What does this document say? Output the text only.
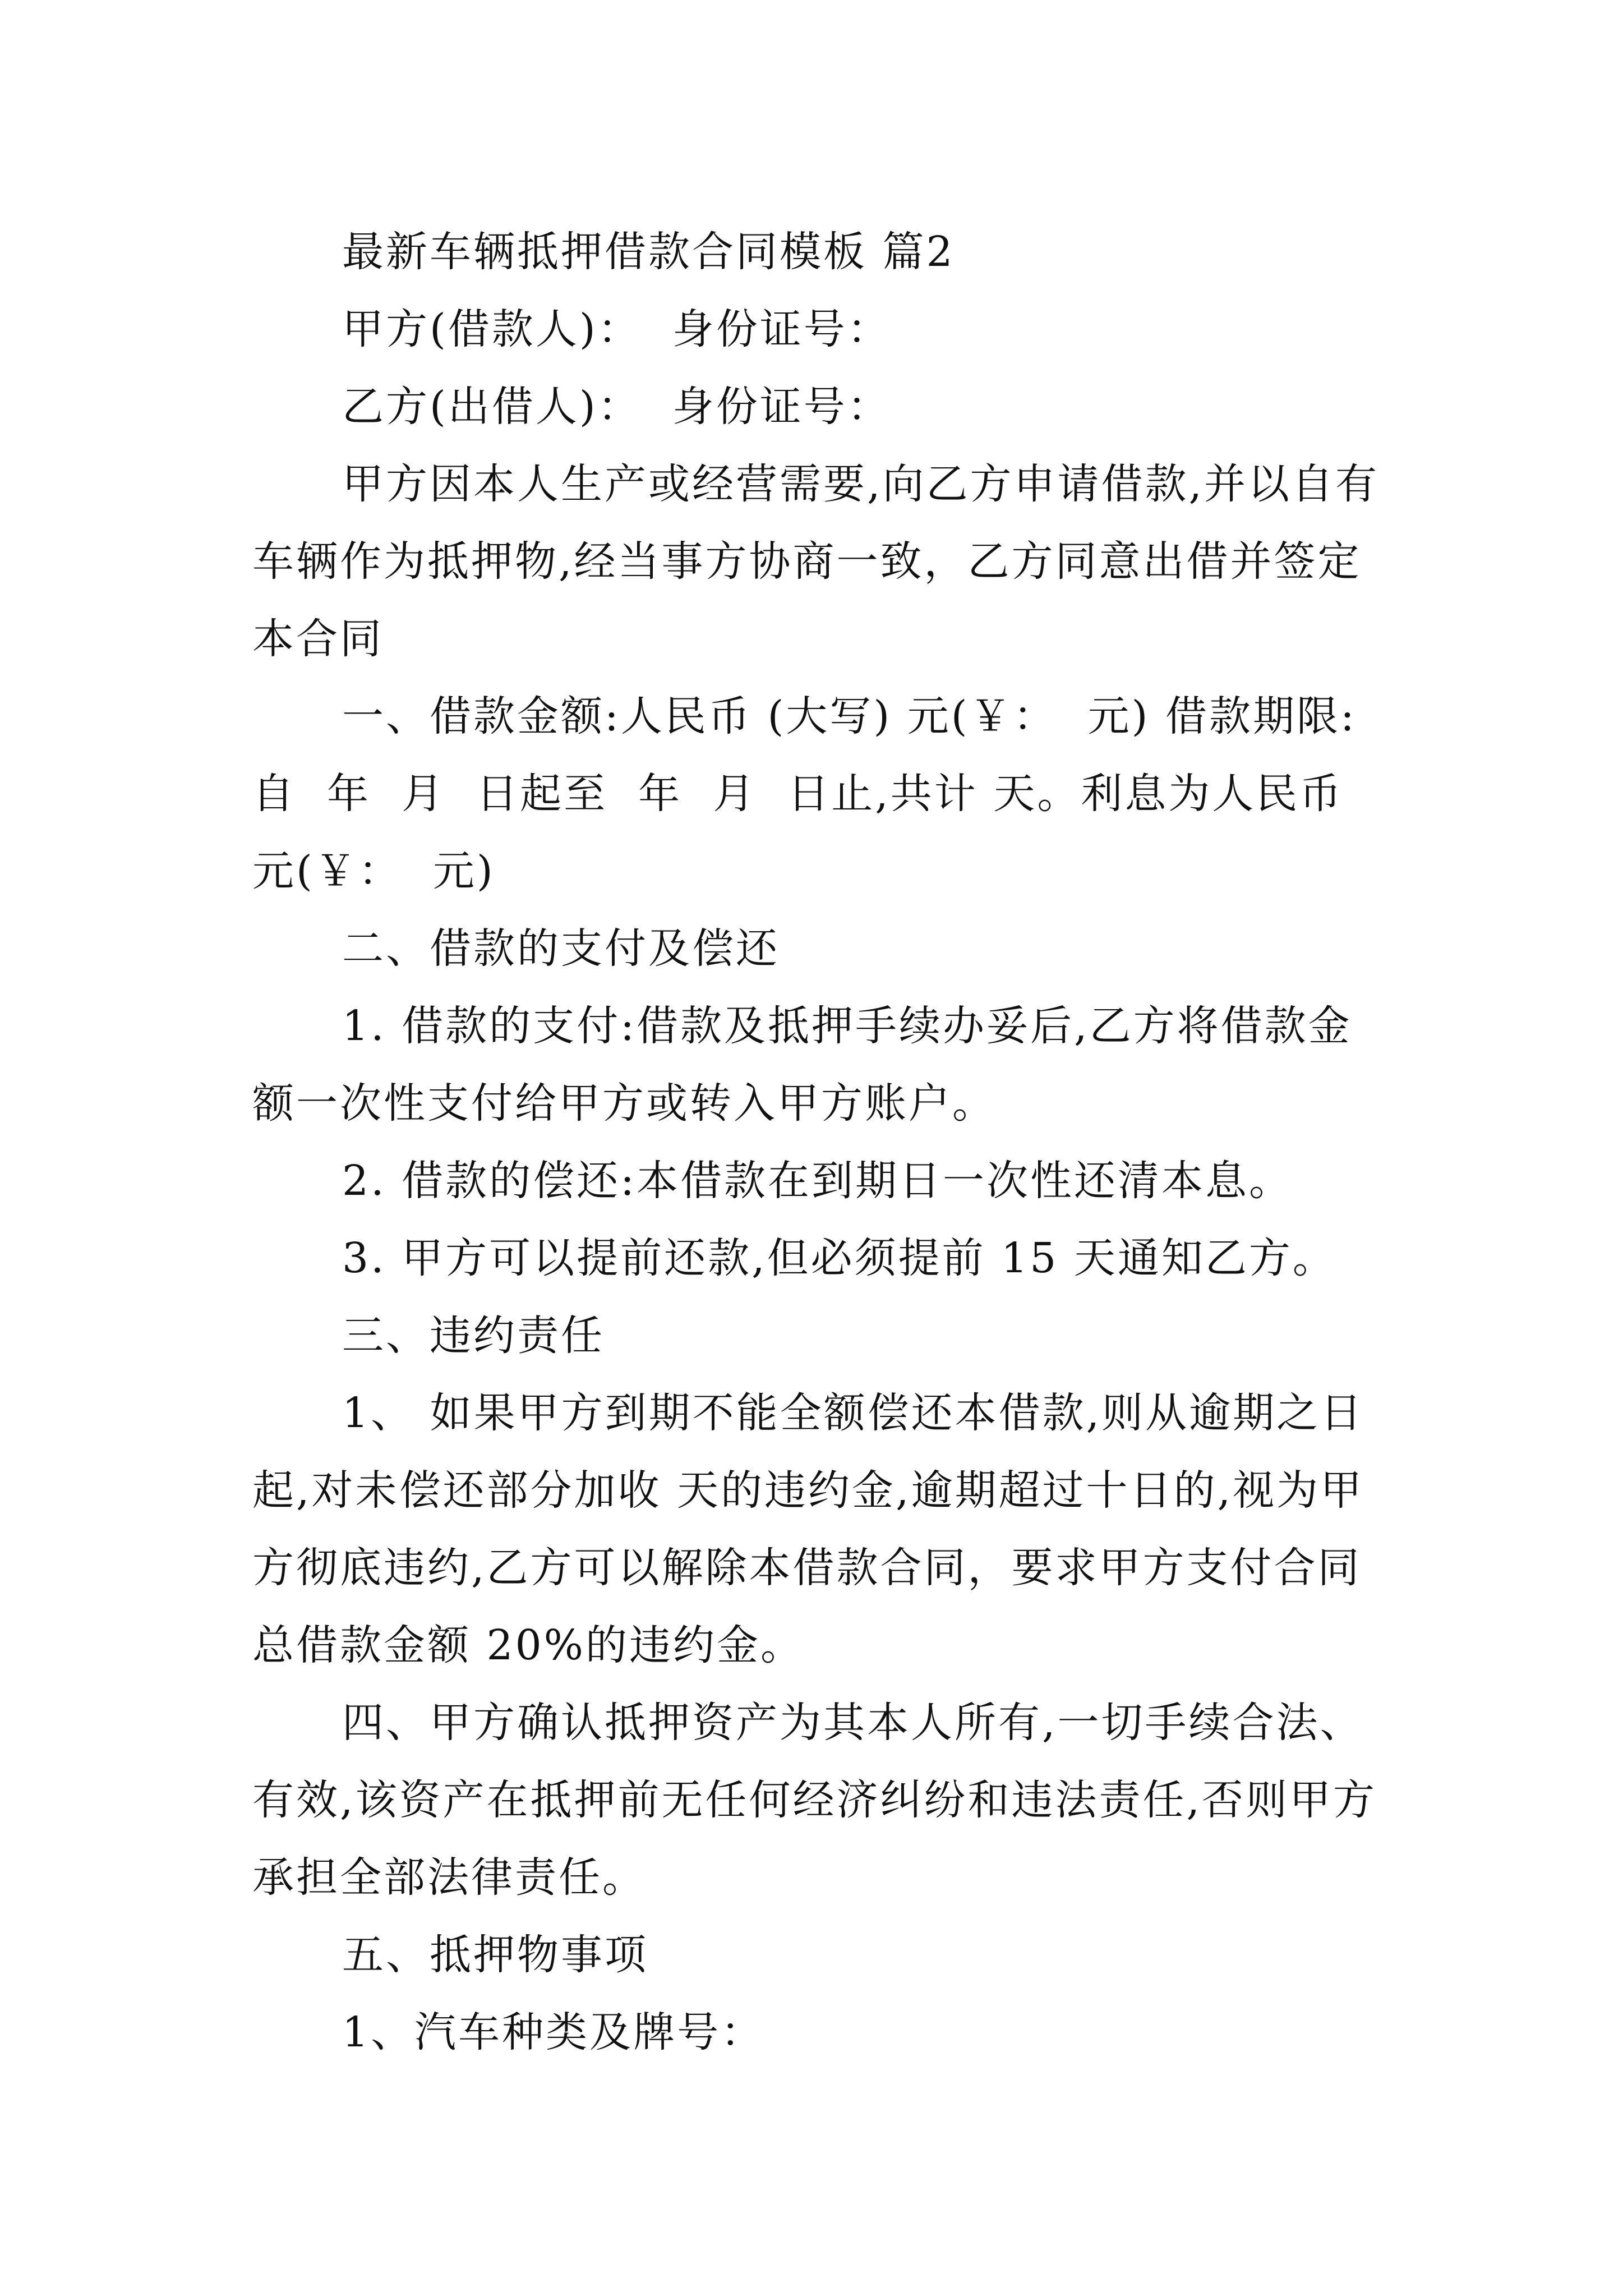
最新车辆抵押借款合同模板 篇2

甲方(借款人)：  身份证号：

乙方(出借人)：  身份证号：

甲方因本人生产或经营需要,向乙方申请借款,并以自有车辆作为抵押物,经当事方协商一致，乙方同意出借并签定本合同

一、借款金额:人民币 (大写) 元(￥：  元) 借款期限:自  年  月  日起至  年  月  日止,共计 天。利息为人民币 元(￥：  元)

二、借款的支付及偿还

1. 借款的支付:借款及抵押手续办妥后,乙方将借款金额一次性支付给甲方或转入甲方账户。

2. 借款的偿还:本借款在到期日一次性还清本息。

3. 甲方可以提前还款,但必须提前 15 天通知乙方。

三、违约责任

1、 如果甲方到期不能全额偿还本借款,则从逾期之日起,对未偿还部分加收 天的违约金,逾期超过十日的,视为甲方彻底违约,乙方可以解除本借款合同，要求甲方支付合同总借款金额 20%的违约金。

四、甲方确认抵押资产为其本人所有,一切手续合法、有效,该资产在抵押前无任何经济纠纷和违法责任,否则甲方承担全部法律责任。

五、抵押物事项

1、汽车种类及牌号：
